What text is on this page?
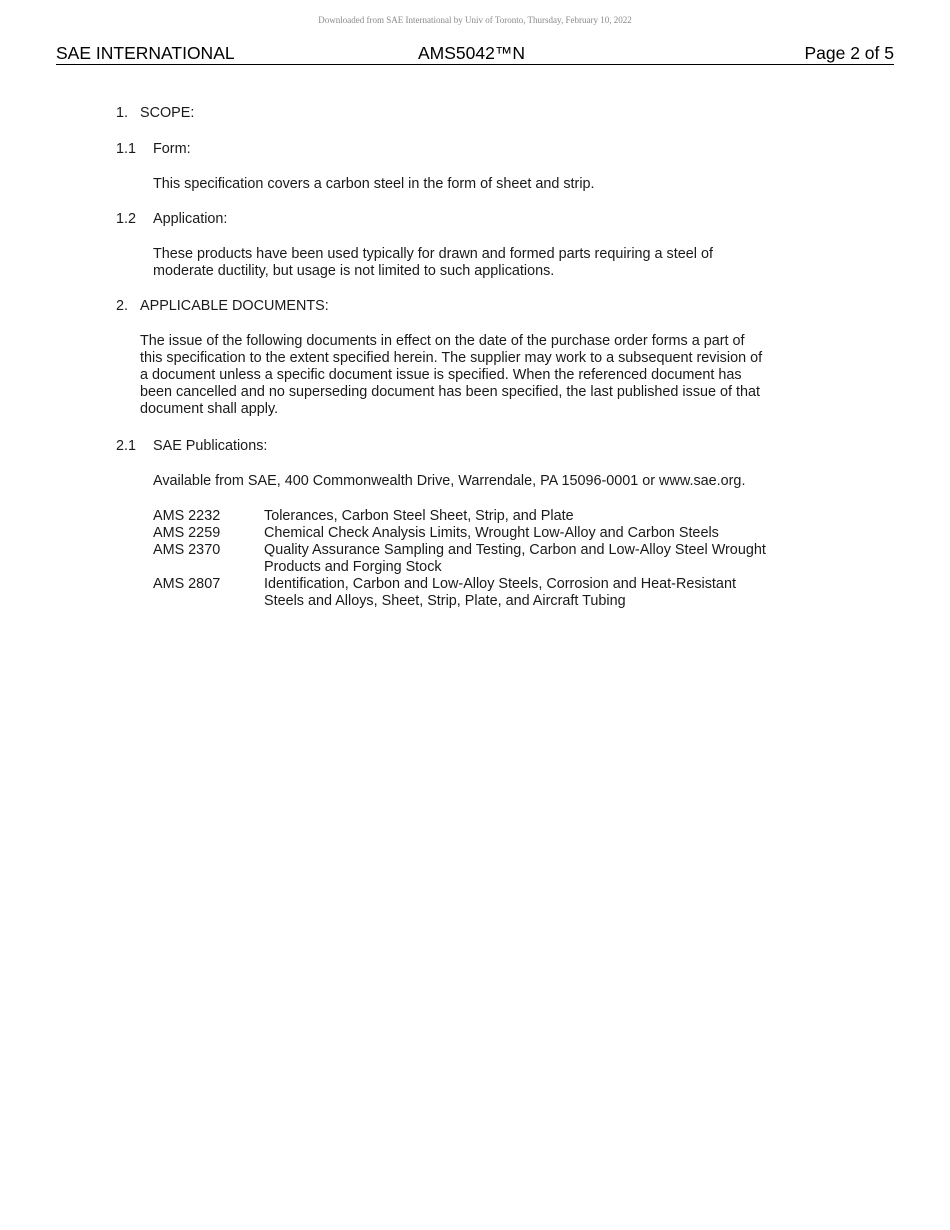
Downloaded from SAE International by Univ of Toronto, Thursday, February 10, 2022
SAE INTERNATIONAL	AMS5042™N	Page 2 of 5
1. SCOPE:
1.1 Form:
This specification covers a carbon steel in the form of sheet and strip.
1.2 Application:
These products have been used typically for drawn and formed parts requiring a steel of
moderate ductility, but usage is not limited to such applications.
2. APPLICABLE DOCUMENTS:
The issue of the following documents in effect on the date of the purchase order forms a part of
this specification to the extent specified herein. The supplier may work to a subsequent revision of
a document unless a specific document issue is specified. When the referenced document has
been cancelled and no superseding document has been specified, the last published issue of that
document shall apply.
2.1 SAE Publications:
Available from SAE, 400 Commonwealth Drive, Warrendale, PA 15096-0001 or www.sae.org.
AMS 2232	Tolerances, Carbon Steel Sheet, Strip, and Plate
AMS 2259	Chemical Check Analysis Limits, Wrought Low-Alloy and Carbon Steels
AMS 2370	Quality Assurance Sampling and Testing, Carbon and Low-Alloy Steel Wrought
Products and Forging Stock
AMS 2807	Identification, Carbon and Low-Alloy Steels, Corrosion and Heat-Resistant
Steels and Alloys, Sheet, Strip, Plate, and Aircraft Tubing
